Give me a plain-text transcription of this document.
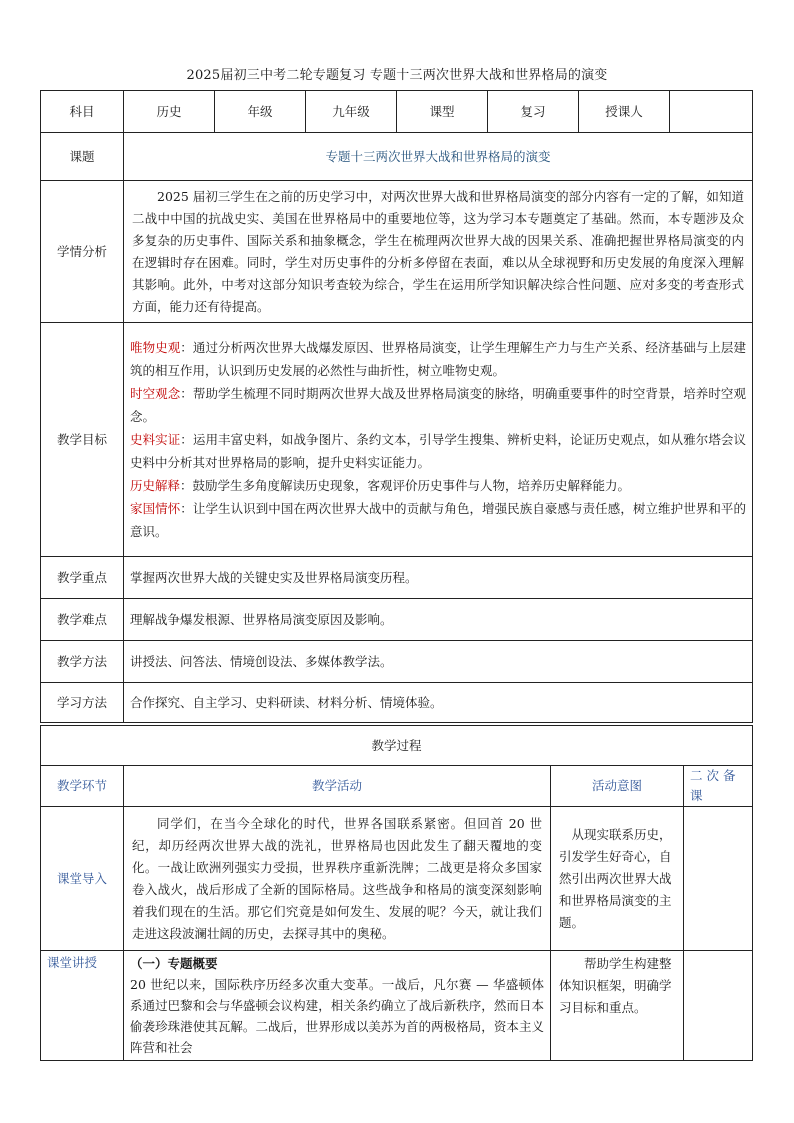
2025届初三中考二轮专题复习 专题十三两次世界大战和世界格局的演变
科目	历史	年级	九年级	课型	复习	授课人	
课题	专题十三两次世界大战和世界格局的演变						
学情分析	2025 届初三学生在之前的历史学习中，对两次世界大战和世界格局演变的部分内容有一定的了解，如知道二战中中国的抗战史实、美国在世界格局中的重要地位等，这为学习本专题奠定了基础。然而，本专题涉及众多复杂的历史事件、国际关系和抽象概念，学生在梳理两次世界大战的因果关系、准确把握世界格局演变的内在逻辑时存在困难。同时，学生对历史事件的分析多停留在表面，难以从全球视野和历史发展的角度深入理解其影响。此外，中考对这部分知识考查较为综合，学生在运用所学知识解决综合性问题、应对多变的考查形式方面，能力还有待提高。						
教学目标	唯物史观：通过分析两次世界大战爆发原因、世界格局演变，让学生理解生产力与生产关系、经济基础与上层建筑的相互作用，认识到历史发展的必然性与曲折性，树立唯物史观。

时空观念：帮助学生梳理不同时期两次世界大战及世界格局演变的脉络，明确重要事件的时空背景，培养时空观念。

史料实证：运用丰富史料，如战争图片、条约文本，引导学生搜集、辨析史料，论证历史观点，如从雅尔塔会议史料中分析其对世界格局的影响，提升史料实证能力。

历史解释：鼓励学生多角度解读历史现象，客观评价历史事件与人物，培养历史解释能力。

家国情怀：让学生认识到中国在两次世界大战中的贡献与角色，增强民族自豪感与责任感，树立维护世界和平的意识。						

教学重点	掌握两次世界大战的关键史实及世界格局演变历程。						
教学难点	理解战争爆发根源、世界格局演变原因及影响。						
教学方法	讲授法、问答法、情境创设法、多媒体教学法。						
学习方法	合作探究、自主学习、史料研读、材料分析、情境体验。						
教学过程			
教学环节	教学活动	活动意图	二次备课
课堂导入	同学们，在当今全球化的时代，世界各国联系紧密。但回首 20 世纪，却历经两次世界大战的洗礼，世界格局也因此发生了翻天覆地的变化。一战让欧洲列强实力受损，世界秩序重新洗牌；二战更是将众多国家卷入战火，战后形成了全新的国际格局。这些战争和格局的演变深刻影响着我们现在的生活。那它们究竟是如何发生、发展的呢？今天，就让我们走进这段波澜壮阔的历史，去探寻其中的奥秘。	从现实联系历史，引发学生好奇心，自然引出两次世界大战和世界格局演变的主题。	
课堂讲授	（一）专题概要
20 世纪以来，国际秩序历经多次重大变革。一战后，凡尔赛 — 华盛顿体系通过巴黎和会与华盛顿会议构建，相关条约确立了战后新秩序，然而日本偷袭珍珠港使其瓦解。二战后，世界形成以美苏为首的两极格局，资本主义阵营和社会	帮助学生构建整体知识框架，明确学习目标和重点。	
